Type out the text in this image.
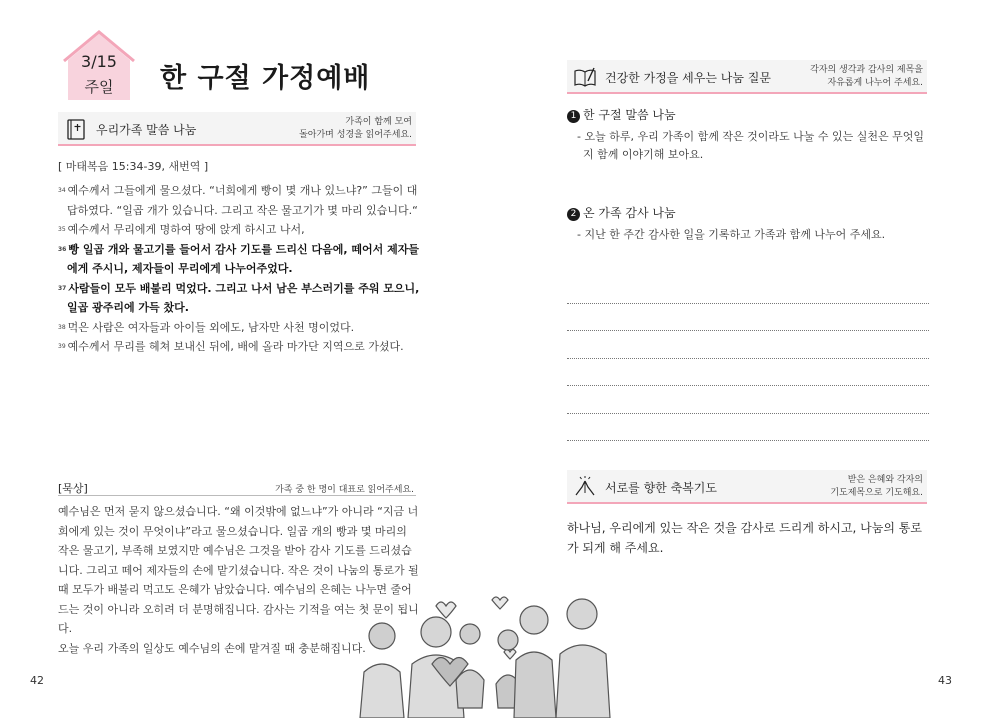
3/15
주일	한 구절 가정예배
우리가족 말씀 나눔
가족이 함께 모여
돌아가며 성경을 읽어주세요.
[ 마태복음 15:34-39, 새번역 ]
34 예수께서 그들에게 물으셨다. “너희에게 빵이 몇 개나 있느냐?” 그들이 대답하였다. “일곱 개가 있습니다. 그리고 작은 물고기가 몇 마리 있습니다.“
35 예수께서 무리에게 명하여 땅에 앉게 하시고 나서,
36 빵 일곱 개와 물고기를 들어서 감사 기도를 드리신 다음에, 떼어서 제자들에게 주시니, 제자들이 무리에게 나누어주었다.
37 사람들이 모두 배불리 먹었다. 그리고 나서 남은 부스러기를 주워 모으니, 일곱 광주리에 가득 찼다.
38 먹은 사람은 여자들과 아이들 외에도, 남자만 사천 명이었다.
39 예수께서 무리를 헤쳐 보내신 뒤에, 배에 올라 마가단 지역으로 가셨다.
[묵상]	가족 중 한 명이 대표로 읽어주세요.
예수님은 먼저 묻지 않으셨습니다. “왜 이것밖에 없느냐”가 아니라 “지금 너희에게 있는 것이 무엇이냐”라고 물으셨습니다. 일곱 개의 빵과 몇 마리의 작은 물고기, 부족해 보였지만 예수님은 그것을 받아 감사 기도를 드리셨습니다. 그리고 떼어 제자들의 손에 맡기셨습니다. 작은 것이 나눔의 통로가 될 때 모두가 배불리 먹고도 은혜가 남았습니다. 예수님의 은혜는 나누면 줄어드는 것이 아니라 오히려 더 분명해집니다. 감사는 기적을 여는 첫 문이 됩니다.
오늘 우리 가족의 일상도 예수님의 손에 맡겨질 때 충분해집니다.
42
건강한 가정을 세우는 나눔 질문
각자의 생각과 감사의 제목을
자유롭게 나누어 주세요.
1 한 구절 말씀 나눔
- 오늘 하루, 우리 가족이 함께 작은 것이라도 나눌 수 있는 실천은 무엇일지 함께 이야기해 보아요.
2 온 가족 감사 나눔
- 지난 한 주간 감사한 일을 기록하고 가족과 함께 나누어 주세요.
서로를 향한 축복기도
받은 은혜와 각자의
기도제목으로 기도해요.
하나님, 우리에게 있는 작은 것을 감사로 드리게 하시고, 나눔의 통로가 되게 해 주세요.
43
